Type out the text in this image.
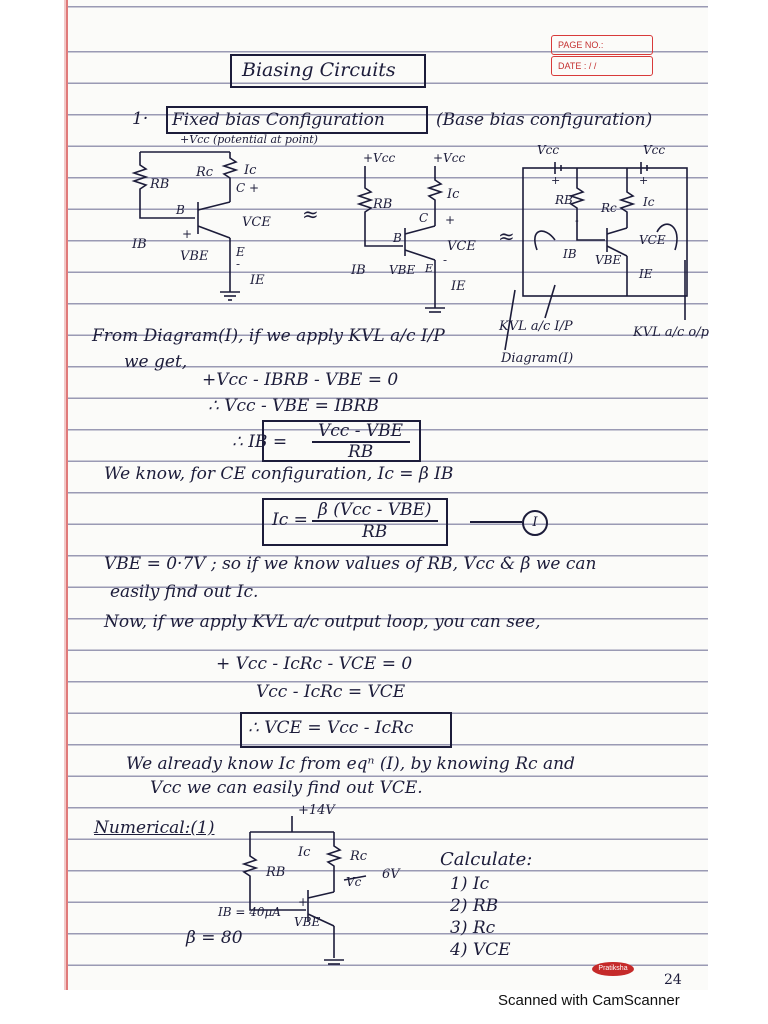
PAGE NO.:
DATE : / /
Biasing Circuits
1· Fixed bias Configuration	(Base bias configuration)
+Vcc (potential at point)
Rc Ic
C +
RB
B
VCE
+
IB
VBE E
-
IE
≈
+Vcc	+Vcc
RB
Ic
C +
B
VCE
-
IB VBE E
IE
≈
Vcc	Vcc
+	+
RB
Rc Ic
-
VCE
IB VBE
IE
KVL a/c I/P	KVL a/c o/p
Diagram(I)
From Diagram(I), if we apply KVL a/c I/P
we get,
+Vcc - IBRB - VBE = 0
∴ Vcc - VBE = IBRB
∴ IB =
Vcc - VBE
RB
We know, for CE configuration, Ic = β IB
Ic = β (Vcc - VBE)
RB	I
VBE = 0·7V ; so if we know values of RB, Vcc & β we can
easily find out Ic.
Now, if we apply KVL a/c output loop, you can see,
+ Vcc - IcRc - VCE = 0
Vcc - IcRc = VCE
∴ VCE = Vcc - IcRc
We already know Ic from eqⁿ (I), by knowing Rc and
Vcc we can easily find out VCE.
Numerical:(1)
+14V
Ic	Rc
RB
Vc 6V
+
IB = 40μA
VBE
β = 80
Calculate:
1) Ic
2) RB
3) Rc
4) VCE
Pratiksha
24
Scanned with CamScanner
